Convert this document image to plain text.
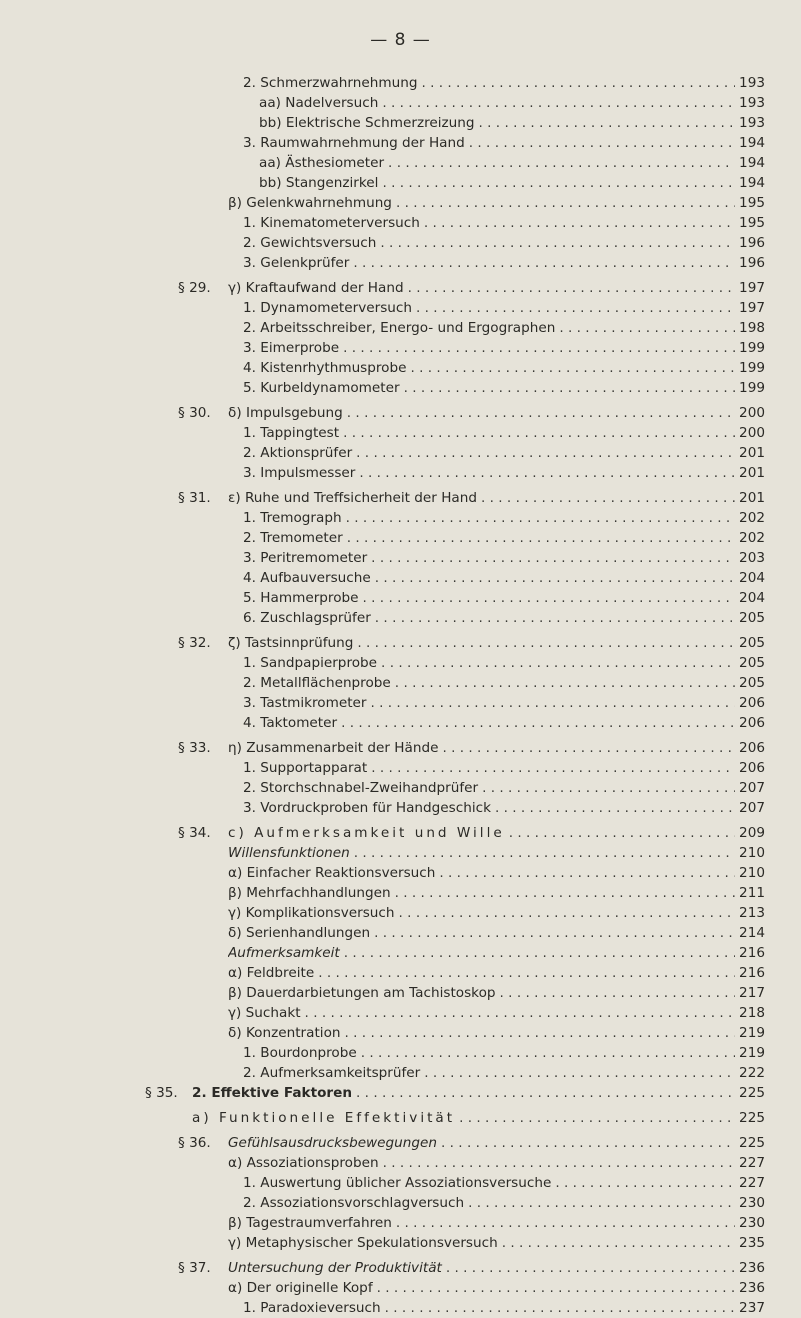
— 8 —
2. Schmerzwahrnehmung . . .	193
aa) Nadelversuch . . .	193
bb) Elektrische Schmerzreizung . . .	193
3. Raumwahrnehmung der Hand . . .	194
aa) Ästhesiometer . . .	194
bb) Stangenzirkel . . .	194
β) Gelenkwahrnehmung . . .	195
1. Kinematometerversuch . . .	195
2. Gewichtsversuch . . .	196
3. Gelenkprüfer . . .	196
§ 29. γ) Kraftaufwand der Hand . . .	197
1. Dynamometerversuch . . .	197
2. Arbeitsschreiber, Energo- und Ergographen . . .	198
3. Eimerprobe . . .	199
4. Kistenrhythmusprobe . . .	199
5. Kurbeldynamometer . . .	199
§ 30. δ) Impulsgebung . . .	200
1. Tappingtest . . .	200
2. Aktionsprüfer . . .	201
3. Impulsmesser . . .	201
§ 31. ε) Ruhe und Treffsicherheit der Hand . . .	201
1. Tremograph . . .	202
2. Tremometer . . .	202
3. Peritremometer . . .	203
4. Aufbauversuche . . .	204
5. Hammerprobe . . .	204
6. Zuschlagsprüfer . . .	205
§ 32. ζ) Tastsinnprüfung . . .	205
1. Sandpapierprobe . . .	205
2. Metallflächenprobe . . .	205
3. Tastmikrometer . . .	206
4. Taktometer . . .	206
§ 33. η) Zusammenarbeit der Hände . . .	206
1. Supportapparat . . .	206
2. Storchschnabel-Zweihandprüfer . . .	207
3. Vordruckproben für Handgeschick . . .	207
§ 34. c) Aufmerksamkeit und Wille . . .	209
Willensfunktionen . . .	210
α) Einfacher Reaktionsversuch . . .	210
β) Mehrfachhandlungen . . .	211
γ) Komplikationsversuch . . .	213
δ) Serienhandlungen . . .	214
Aufmerksamkeit . . .	216
α) Feldbreite . . .	216
β) Dauerdarbietungen am Tachistoskop . . .	217
γ) Suchakt . . .	218
δ) Konzentration . . .	219
1. Bourdonprobe . . .	219
2. Aufmerksamkeitsprüfer . . .	222
§ 35. 2. Effektive Faktoren . . .	225
a) Funktionelle Effektivität . . .	225
§ 36. Gefühlsausdrucksbewegungen . . .	225
α) Assoziationsproben . . .	227
1. Auswertung üblicher Assoziationsversuche . . .	227
2. Assoziationsvorschlagversuch . . .	230
β) Tagestraumverfahren . . .	230
γ) Metaphysischer Spekulationsversuch . . .	235
§ 37. Untersuchung der Produktivität . . .	236
α) Der originelle Kopf . . .	236
1. Paradoxieversuch . . .	237
